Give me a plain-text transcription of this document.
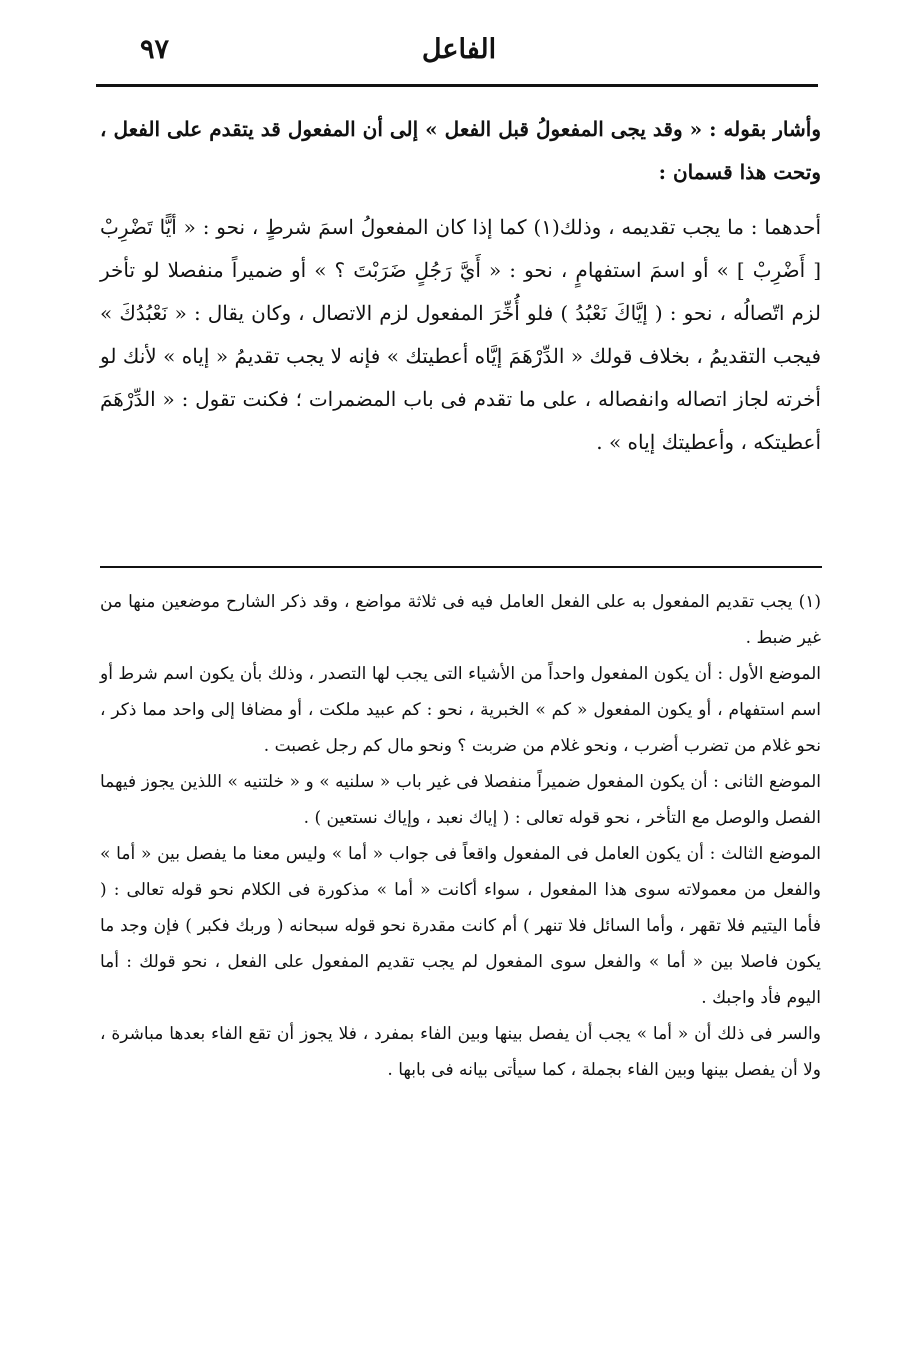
الفاعل
٩٧

وأشار بقوله : « وقد يجى المفعولُ قبل الفعل » إلى أن المفعول قد يتقدم على الفعل ، وتحت هذا قسمان :

أحدهما : ما يجب تقديمه ، وذلك(١) كما إذا كان المفعولُ اسمَ شرطٍ ، نحو : « أيًّا تَضْرِبْ [ أَضْرِبْ ] » أو اسمَ استفهامٍ ، نحو : « أَيَّ رَجُلٍ ضَرَبْتَ ؟ » أو ضميراً منفصلا لو تأخر لزم اتّصالُه ، نحو : ( إيَّاكَ نَعْبُدُ ) فلو أُخِّرَ المفعول لزم الاتصال ، وكان يقال : « نَعْبُدُكَ » فيجب التقديمُ ، بخلاف قولك « الدِّرْهَمَ إيَّاه أعطيتك » فإنه لا يجب تقديمُ « إياه » لأنك لو أخرته لجاز اتصاله وانفصاله ، على ما تقدم فى باب المضمرات ؛ فكنت تقول : « الدِّرْهَمَ أعطيتكه ، وأعطيتك إياه » .

(١) يجب تقديم المفعول به على الفعل العامل فيه فى ثلاثة مواضع ، وقد ذكر الشارح موضعين منها من غير ضبط .

الموضع الأول : أن يكون المفعول واحداً من الأشياء التى يجب لها التصدر ، وذلك بأن يكون اسم شرط أو اسم استفهام ، أو يكون المفعول « كم » الخبرية ، نحو : كم عبيد ملكت ، أو مضافا إلى واحد مما ذكر ، نحو غلام من تضرب أضرب ، ونحو غلام من ضربت ؟ ونحو مال كم رجل غصبت .

الموضع الثانى : أن يكون المفعول ضميراً منفصلا فى غير باب « سلنيه » و « خلتنيه » اللذين يجوز فيهما الفصل والوصل مع التأخر ، نحو قوله تعالى : ( إياك نعبد ، وإياك نستعين ) .

الموضع الثالث : أن يكون العامل فى المفعول واقعاً فى جواب « أما » وليس معنا ما يفصل بين « أما » والفعل من معمولاته سوى هذا المفعول ، سواء أكانت « أما » مذكورة فى الكلام نحو قوله تعالى : ( فأما اليتيم فلا تقهر ، وأما السائل فلا تنهر ) أم كانت مقدرة نحو قوله سبحانه ( وربك فكبر ) فإن وجد ما يكون فاصلا بين « أما » والفعل سوى المفعول لم يجب تقديم المفعول على الفعل ، نحو قولك : أما اليوم فأد واجبك .

والسر فى ذلك أن « أما » يجب أن يفصل بينها وبين الفاء بمفرد ، فلا يجوز أن تقع الفاء بعدها مباشرة ، ولا أن يفصل بينها وبين الفاء بجملة ، كما سيأتى بيانه فى بابها .
